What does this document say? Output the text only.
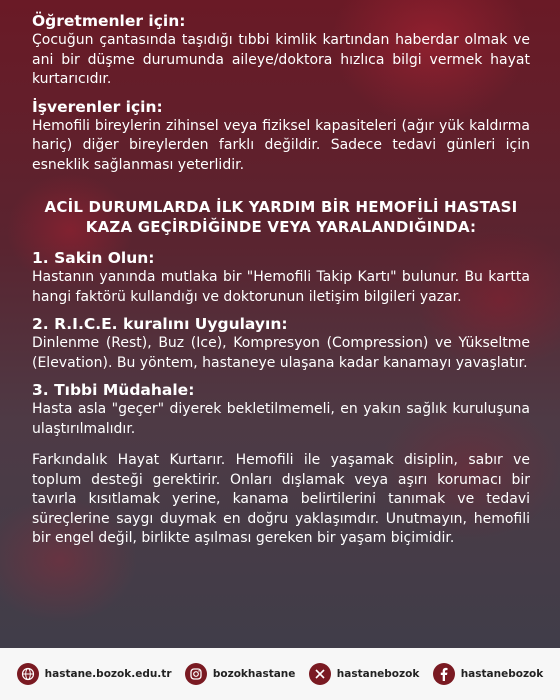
Öğretmenler için:

Çocuğun çantasında taşıdığı tıbbi kimlik kartından haberdar olmak ve ani bir düşme durumunda aileye/doktora hızlıca bilgi vermek hayat kurtarıcıdır.

İşverenler için:

Hemofili bireylerin zihinsel veya fiziksel kapasiteleri (ağır yük kaldırma hariç) diğer bireylerden farklı değildir. Sadece tedavi günleri için esneklik sağlanması yeterlidir.

ACİL DURUMLARDA İLK YARDIM BİR HEMOFİLİ HASTASI KAZA GEÇİRDİĞİNDE VEYA YARALANDIĞINDA:

1. Sakin Olun:

Hastanın yanında mutlaka bir "Hemofili Takip Kartı" bulunur. Bu kartta hangi faktörü kullandığı ve doktorunun iletişim bilgileri yazar.

2. R.I.C.E. kuralını Uygulayın:

Dinlenme (Rest), Buz (Ice), Kompresyon (Compression) ve Yükseltme (Elevation). Bu yöntem, hastaneye ulaşana kadar kanamayı yavaşlatır.

3. Tıbbi Müdahale:

Hasta asla "geçer" diyerek bekletilmemeli, en yakın sağlık kuruluşuna ulaştırılmalıdır.

Farkındalık Hayat Kurtarır. Hemofili ile yaşamak disiplin, sabır ve toplum desteği gerektirir. Onları dışlamak veya aşırı korumacı bir tavırla kısıtlamak yerine, kanama belirtilerini tanımak ve tedavi süreçlerine saygı duymak en doğru yaklaşımdır. Unutmayın, hemofili bir engel değil, birlikte aşılması gereken bir yaşam biçimidir.

hastane.bozok.edu.tr	bozokhastane	hastanebozok	hastanebozok
